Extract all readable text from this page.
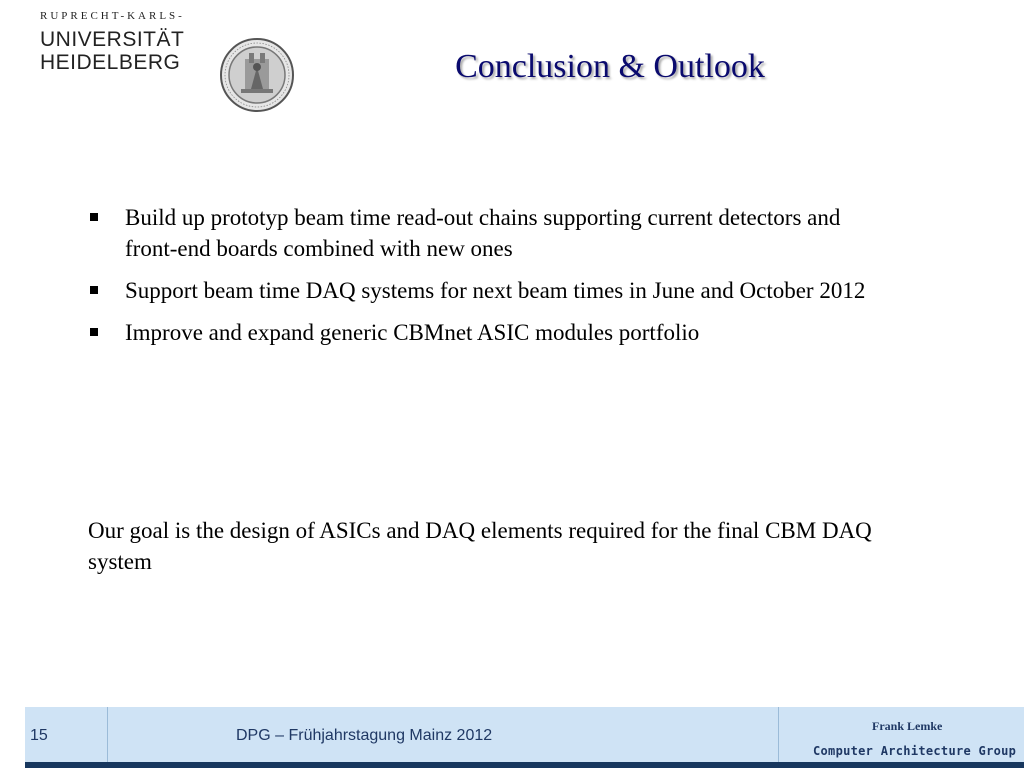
RUPRECHT-KARLS-
UNIVERSITÄT
HEIDELBERG	Conclusion & Outlook
Build up prototyp beam time read-out chains supporting current detectors and front-end boards combined with new ones
Support beam time DAQ systems for next beam times in June and October 2012
Improve and expand generic CBMnet ASIC modules portfolio
Our goal is the design of ASICs and DAQ elements required for the final CBM DAQ system
15	DPG – Frühjahrstagung Mainz 2012
Frank Lemke
Computer Architecture Group
